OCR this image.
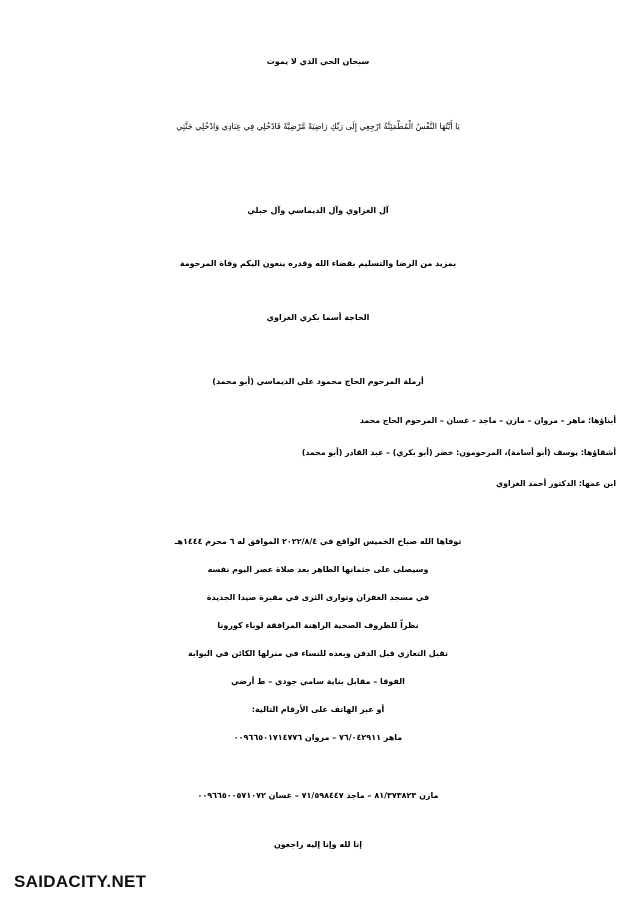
سبحان الحي الذي لا يموت
يَا أَيَّتُهَا النَّفْسُ الْمُطْمَئِنَّةُ ارْجِعِي إِلَى رَبِّكِ رَاضِيَةً مَّرْضِيَّةً فَادْخُلِي فِي عِبَادِي وَادْخُلِي جَنَّتِي
آل الغزاوي وآل الديماسي وآل حبلي
بمزيد من الرضا والتسليم بقضاء الله وقدره ينعون اليكم وفاة المرحومة
الحاجة أسما بكري الغزاوي
أرملة المرحوم الحاج محمود علي الديماسي (أبو محمد)
أبناؤها: ماهر – مروان – مازن – ماجد – غسان – المرحوم الحاج محمد
أشقاؤها: يوسف (أبو أسامة)، المرحومون: خضر (أبو بكري) – عبد القادر (أبو محمد)
ابن عمها: الدكتور أحمد الغزاوي
توفاها الله صباح الخميس الواقع في ٢٠٢٢/٨/٤ الموافق له ٦ محرم ١٤٤٤هـ
وسيصلى على جثمانها الطاهر بعد صلاة عصر اليوم نفسه
في مسجد الغفران وتوارى الثرى في مقبرة صيدا الجديدة
نظراً للظروف الصحية الراهنة المرافقة لوباء كورونا
تقبل التعازي قبل الدفن وبعده للنساء في منزلها الكائن في البوابة
الفوقا – مقابل بناية سامي جودي – ط أرضي
أو عبر الهاتف على الأرقام التالية:
ماهر ٧٦/٠٤٢٩١١ – مروان ٠٠٩٦٦٥٠١٧١٤٧٧٦
مازن ٨١/٣٧٣٨٢٣ – ماجد ٧١/٥٩٨٤٤٧ – غسان ٠٠٩٦٦٥٠٠٥٧١٠٧٢
إنا لله وإنا إليه راجعون
SAIDACITY.NET
